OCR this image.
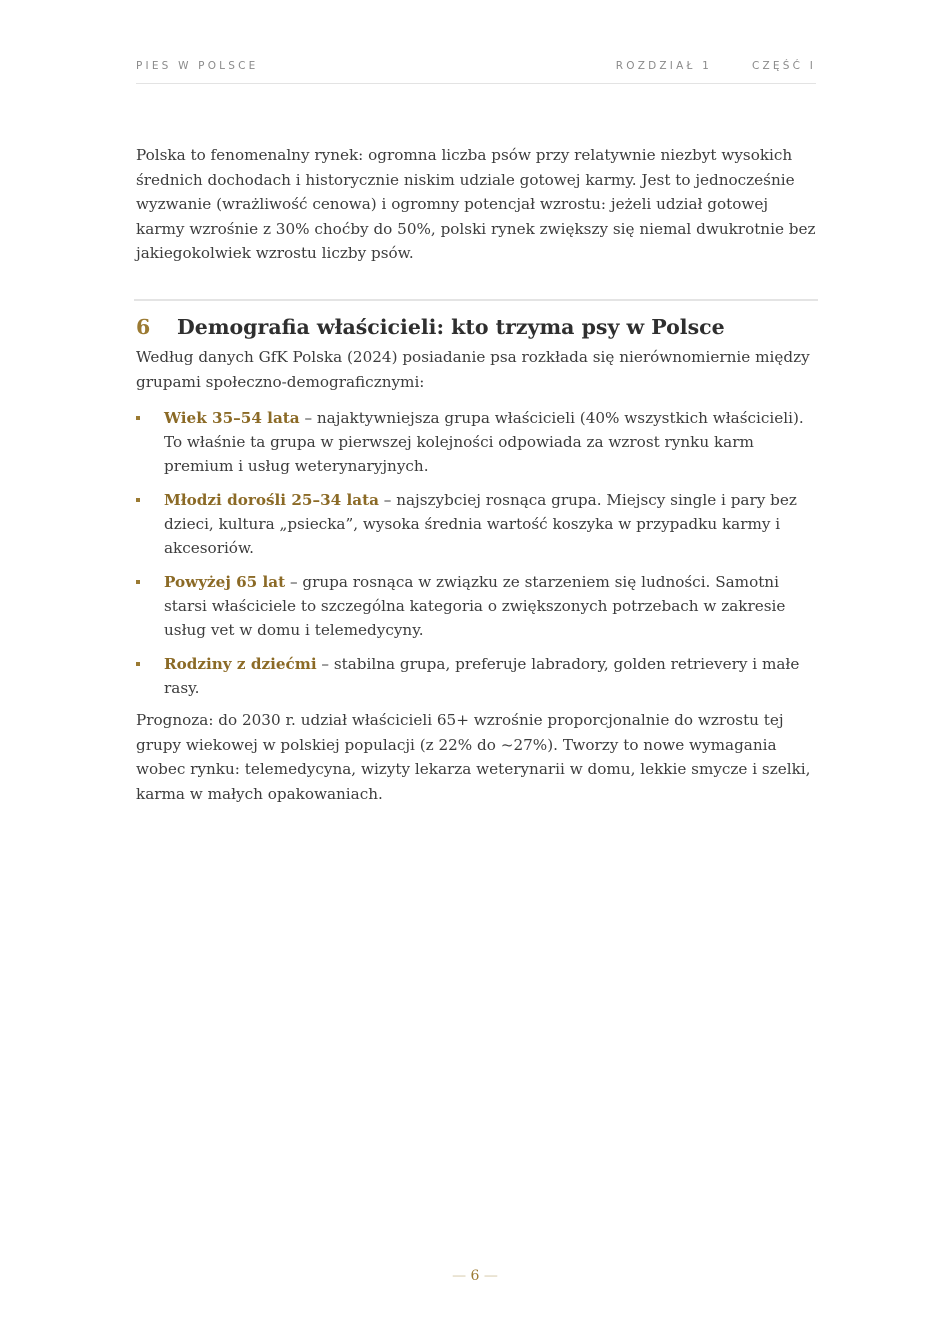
PIES W POLSCE	ROZDZIAŁ 1	CZĘŚĆ I

Polska to fenomenalny rynek: ogromna liczba psów przy relatywnie niezbyt wysokich średnich dochodach i historycznie niskim udziale gotowej karmy. Jest to jednocześnie wyzwanie (wrażliwość cenowa) i ogromny potencjał wzrostu: jeżeli udział gotowej karmy wzrośnie z 30% choćby do 50%, polski rynek zwiększy się niemal dwukrotnie bez jakiegokolwiek wzrostu liczby psów.

6 Demografia właścicieli: kto trzyma psy w Polsce

Według danych GfK Polska (2024) posiadanie psa rozkłada się nierównomiernie między grupami społeczno-demograficznymi:

Wiek 35–54 lata – najaktywniejsza grupa właścicieli (40% wszystkich właścicieli). To właśnie ta grupa w pierwszej kolejności odpowiada za wzrost rynku karm premium i usług weterynaryjnych.
Młodzi dorośli 25–34 lata – najszybciej rosnąca grupa. Miejscy single i pary bez dzieci, kultura „psiecka”, wysoka średnia wartość koszyka w przypadku karmy i akcesoriów.
Powyżej 65 lat – grupa rosnąca w związku ze starzeniem się ludności. Samotni starsi właściciele to szczególna kategoria o zwiększonych potrzebach w zakresie usług vet w domu i telemedycyny.
Rodziny z dziećmi – stabilna grupa, preferuje labradory, golden retrievery i małe rasy.

Prognoza: do 2030 r. udział właścicieli 65+ wzrośnie proporcjonalnie do wzrostu tej grupy wiekowej w polskiej populacji (z 22% do ~27%). Tworzy to nowe wymagania wobec rynku: telemedycyna, wizyty lekarza weterynarii w domu, lekkie smycze i szelki, karma w małych opakowaniach.

— 6 —
